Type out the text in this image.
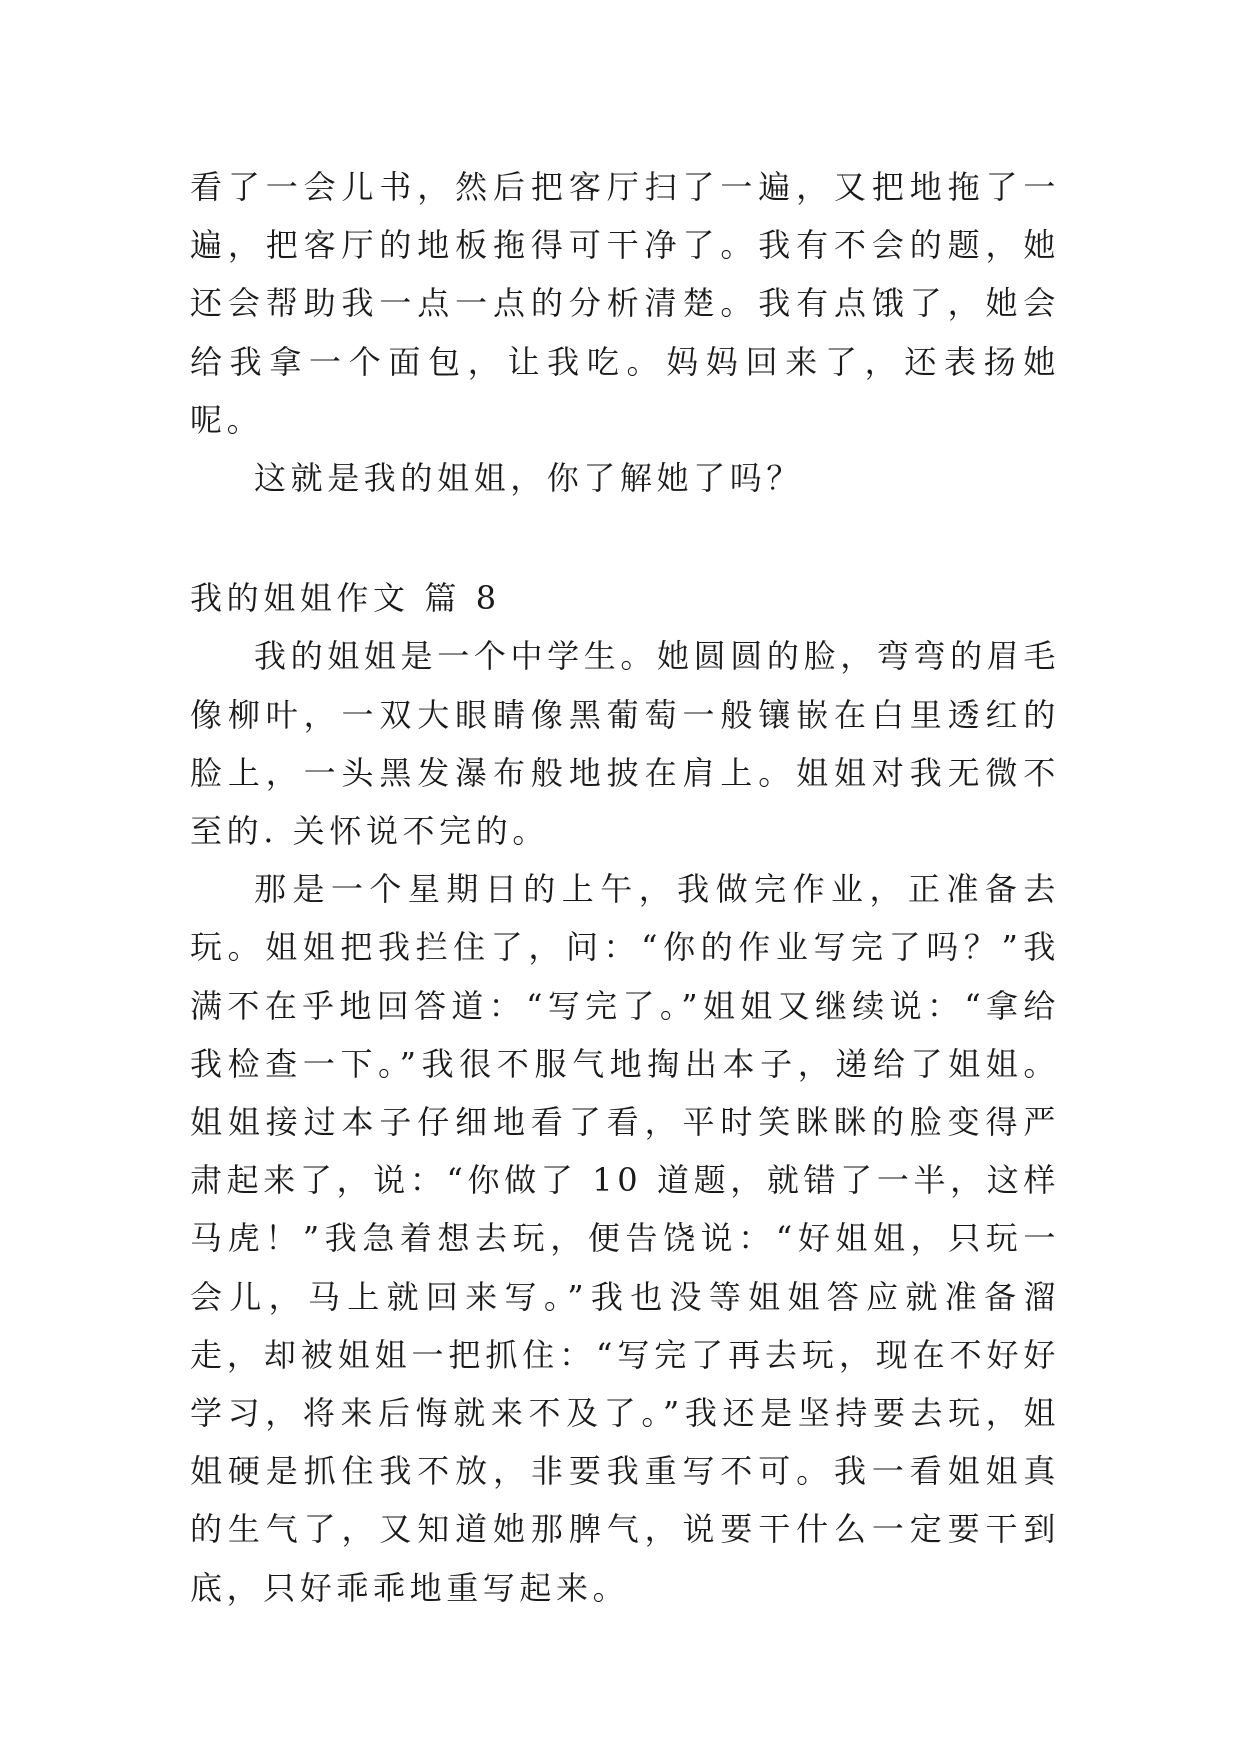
看了一会儿书，然后把客厅扫了一遍，又把地拖了一遍，把客厅的地板拖得可干净了。我有不会的题，她还会帮助我一点一点的分析清楚。我有点饿了，她会给我拿一个面包，让我吃。妈妈回来了，还表扬她呢。

这就是我的姐姐，你了解她了吗？

我的姐姐作文 篇 8

我的姐姐是一个中学生。她圆圆的脸，弯弯的眉毛像柳叶，一双大眼睛像黑葡萄一般镶嵌在白里透红的脸上，一头黑发瀑布般地披在肩上。姐姐对我无微不至的. 关怀说不完的。

那是一个星期日的上午，我做完作业，正准备去玩。姐姐把我拦住了，问：“你的作业写完了吗？”我满不在乎地回答道：“写完了。”姐姐又继续说：“拿给我检查一下。”我很不服气地掏出本子，递给了姐姐。姐姐接过本子仔细地看了看，平时笑眯眯的脸变得严肃起来了，说：“你做了 10 道题，就错了一半，这样马虎！”我急着想去玩，便告饶说：“好姐姐，只玩一会儿，马上就回来写。”我也没等姐姐答应就准备溜走，却被姐姐一把抓住：“写完了再去玩，现在不好好学习，将来后悔就来不及了。”我还是坚持要去玩，姐姐硬是抓住我不放，非要我重写不可。我一看姐姐真的生气了，又知道她那脾气，说要干什么一定要干到底，只好乖乖地重写起来。
